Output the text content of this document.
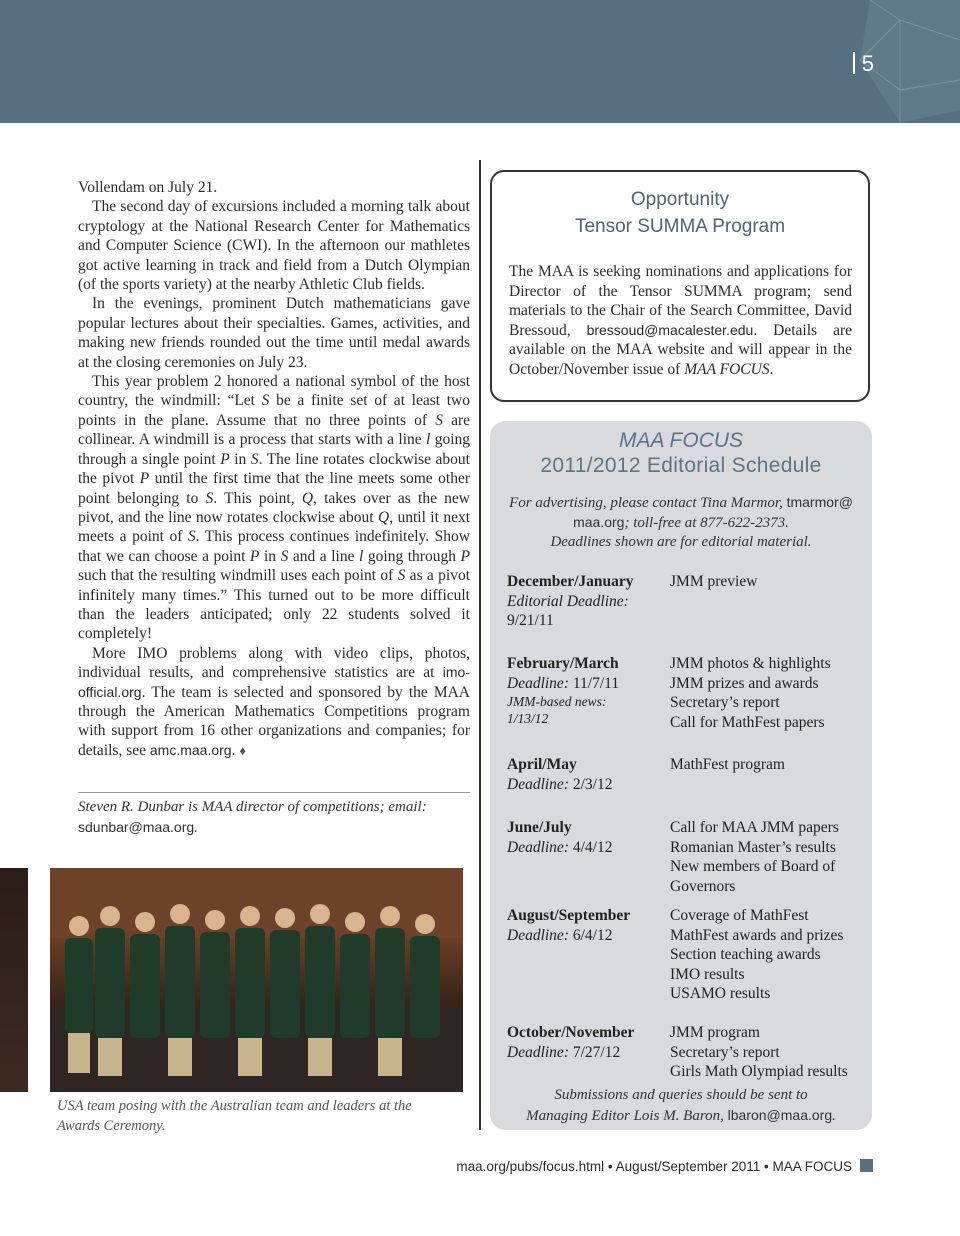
5

Vollendam on July 21.

The second day of excursions included a morning talk about cryptology at the National Research Center for Mathematics and Computer Science (CWI). In the afternoon our mathletes got active learning in track and field from a Dutch Olympian (of the sports variety) at the nearby Athletic Club fields.

In the evenings, prominent Dutch mathematicians gave popular lectures about their specialties. Games, activities, and making new friends rounded out the time until medal awards at the closing ceremonies on July 23.

This year problem 2 honored a national symbol of the host country, the windmill: “Let S be a finite set of at least two points in the plane. Assume that no three points of S are collinear. A windmill is a process that starts with a line l going through a single point P in S. The line rotates clockwise about the pivot P until the first time that the line meets some other point belonging to S. This point, Q, takes over as the new pivot, and the line now rotates clockwise about Q, until it next meets a point of S. This process continues indefinitely. Show that we can choose a point P in S and a line l going through P such that the resulting windmill uses each point of S as a pivot infinitely many times.” This turned out to be more difficult than the leaders anticipated; only 22 students solved it completely!

More IMO problems along with video clips, photos, individual results, and comprehensive statistics are at imo-official.org. The team is selected and sponsored by the MAA through the American Mathematics Competitions program with support from 16 other organizations and companies; for details, see amc.maa.org. ♦

Steven R. Dunbar is MAA director of competitions; email: sdunbar@maa.org.
USA team posing with the Australian team and leaders at the Awards Ceremony.
Opportunity
Tensor SUMMA Program
The MAA is seeking nominations and applications for Director of the Tensor SUMMA program; send materials to the Chair of the Search Committee, David Bressoud, bressoud@macalester.edu. Details are available on the MAA website and will appear in the October/November issue of MAA FOCUS.
MAA FOCUS
2011/2012 Editorial Schedule
For advertising, please contact Tina Marmor, tmarmor@ maa.org; toll-free at 877-622-2373.
Deadlines shown are for editorial material.
December/January
Editorial Deadline:
9/21/11
JMM preview
February/March
Deadline: 11/7/11
JMM-based news: 1/13/12
JMM photos & highlights
JMM prizes and awards
Secretary’s report
Call for MathFest papers
April/May
Deadline: 2/3/12
MathFest program
June/July
Deadline: 4/4/12
Call for MAA JMM papers
Romanian Master’s results
New members of Board of Governors
August/September
Deadline: 6/4/12
Coverage of MathFest
MathFest awards and prizes
Section teaching awards
IMO results
USAMO results
October/November
Deadline: 7/27/12
JMM program
Secretary’s report
Girls Math Olympiad results
Submissions and queries should be sent to
Managing Editor Lois M. Baron, lbaron@maa.org.
maa.org/pubs/focus.html • August/September 2011 • MAA FOCUS
